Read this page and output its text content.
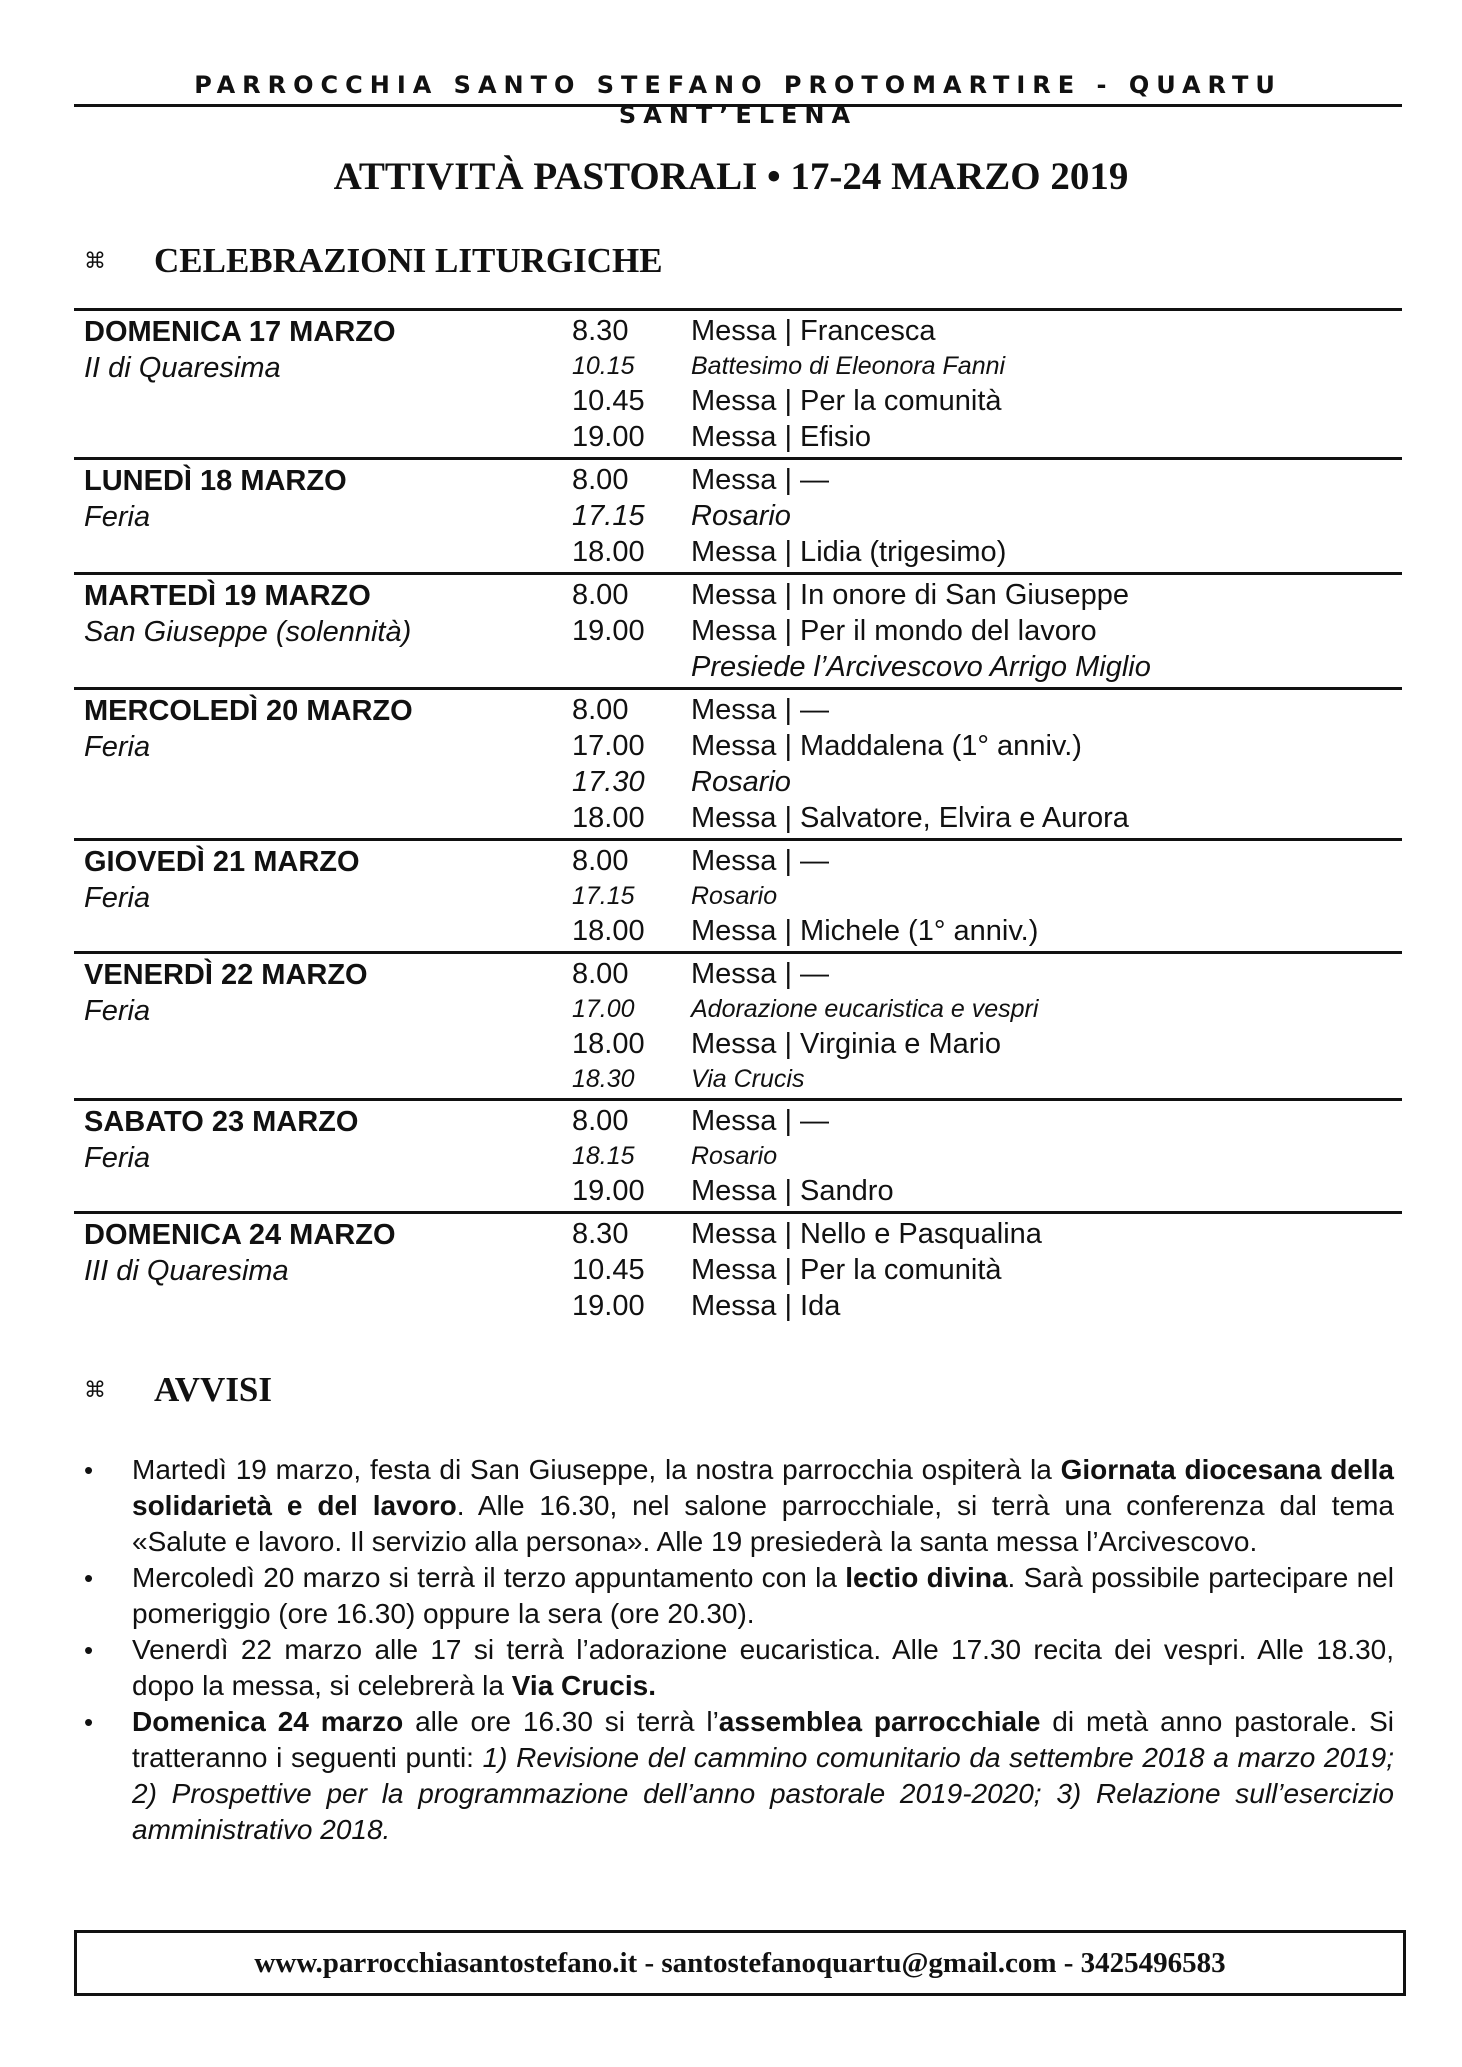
PARROCCHIA SANTO STEFANO PROTOMARTIRE - QUARTU SANT’ELENA
ATTIVITÀ PASTORALI • 17-24 MARZO 2019
⌘	CELEBRAZIONI LITURGICHE
DOMENICA 17 MARZO
II di Quaresima
8.30 Messa | Francesca
10.15 Battesimo di Eleonora Fanni
10.45 Messa | Per la comunità
19.00 Messa | Efisio
LUNEDÌ 18 MARZO
Feria
8.00 Messa | —
17.15 Rosario
18.00 Messa | Lidia (trigesimo)
MARTEDÌ 19 MARZO
San Giuseppe (solennità)
8.00 Messa | In onore di San Giuseppe
19.00 Messa | Per il mondo del lavoro
Presiede l’Arcivescovo Arrigo Miglio
MERCOLEDÌ 20 MARZO
Feria
8.00 Messa | —
17.00 Messa | Maddalena (1° anniv.)
17.30 Rosario
18.00 Messa | Salvatore, Elvira e Aurora
GIOVEDÌ 21 MARZO
Feria
8.00 Messa | —
17.15 Rosario
18.00 Messa | Michele (1° anniv.)
VENERDÌ 22 MARZO
Feria
8.00 Messa | —
17.00 Adorazione eucaristica e vespri
18.00 Messa | Virginia e Mario
18.30 Via Crucis
SABATO 23 MARZO
Feria
8.00 Messa | —
18.15 Rosario
19.00 Messa | Sandro
DOMENICA 24 MARZO
III di Quaresima
8.30 Messa | Nello e Pasqualina
10.45 Messa | Per la comunità
19.00 Messa | Ida
⌘	AVVISI
• Martedì 19 marzo, festa di San Giuseppe, la nostra parrocchia ospiterà la Giornata diocesana della solidarietà e del lavoro. Alle 16.30, nel salone parrocchiale, si terrà una conferenza dal tema «Salute e lavoro. Il servizio alla persona». Alle 19 presiederà la santa messa l’Arcivescovo.
• Mercoledì 20 marzo si terrà il terzo appuntamento con la lectio divina. Sarà possibile partecipare nel pomeriggio (ore 16.30) oppure la sera (ore 20.30).
• Venerdì 22 marzo alle 17 si terrà l’adorazione eucaristica. Alle 17.30 recita dei vespri. Alle 18.30, dopo la messa, si celebrerà la Via Crucis.
• Domenica 24 marzo alle ore 16.30 si terrà l’assemblea parrocchiale di metà anno pastorale. Si tratteranno i seguenti punti: 1) Revisione del cammino comunitario da settembre 2018 a marzo 2019; 2) Prospettive per la programmazione dell’anno pastorale 2019-2020; 3) Relazione sull’esercizio amministrativo 2018.
www.parrocchiasantostefano.it - santostefanoquartu@gmail.com - 3425496583
